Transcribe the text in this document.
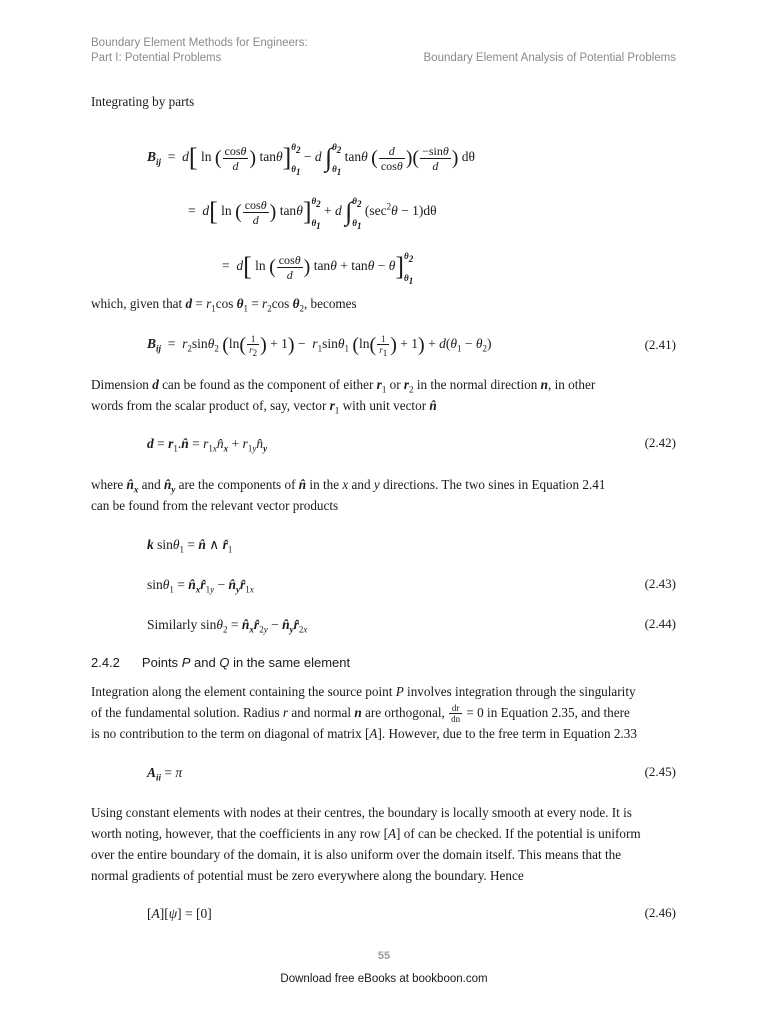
Boundary Element Methods for Engineers:
Part I: Potential Problems	Boundary Element Analysis of Potential Problems
Integrating by parts
$B_{ij} = d$[ ln ( $\frac{\cos\theta}{d}$ ) tanθ] $\theta_2$
$\theta_1$
− d ∫ $\theta_2$
$\theta_1$
tanθ ( $\frac{d}{\cos\theta}$ )( $\frac{-\sin\theta}{d}$ ) dθ
=  d[ ln ( $\frac{\cos\theta}{d}$ ) tanθ] $\theta_2$
$\theta_1$
+ d ∫ $\theta_2$
$\theta_1$
$(\sec^2\theta - 1)d\theta$
=  d[ ln ( $\frac{\cos\theta}{d}$ ) tanθ + tanθ − θ] $\theta_2$
$\theta_1$
which, given that $d = r_1\cos$ $\theta_1 = r_2\cos$ $\theta_2$, becomes
$B_{ij} = r_2\sin\theta_2$ ($\ln( \frac{1}{r_2}$ ) + $1) - r_1\sin\theta_1$ ($\ln( \frac{1}{r_1}$ ) + $1) + d(\theta_1 - \theta_2)$	(2.41)
Dimension d can be found as the component of either $r_1$ or $r_2$ in the normal direction n, in other
words from the scalar product of, say, vector $r_1$ with unit vector n̂
$d = r_1.n̂$ = $r_{1x}n̂_x$ + $r_{1y}n̂_y$	(2.42)
where $n̂_x$ and $n̂_y$ are the components of n̂ in the x and y directions. The two sines in Equation 2.41
can be found from the relevant vector products
k sinθ$_1$ = n̂ ∧ $r̂_1$
$\sin\theta_1 = n̂_xr̂_{1y}$ − $n̂_yr̂_{1x}$	(2.43)
Similarly $\sin\theta_2 = n̂_xr̂_{2y}$ − $n̂_yr̂_{2x}$	(2.44)
2.4.2 Points P and Q in the same element
Integration along the element containing the source point P involves integration through the singularity
of the fundamental solution. Radius r and normal n are orthogonal, $\frac{dr}{dn} = 0$ in Equation 2.35, and there
is no contribution to the term on diagonal of matrix [A]. However, due to the free term in Equation 2.33
$A_{ii} = \pi$	(2.45)
Using constant elements with nodes at their centres, the boundary is locally smooth at every node. It is
worth noting, however, that the coefficients in any row [A] of can be checked. If the potential is uniform
over the entire boundary of the domain, it is also uniform over the domain itself. This means that the
normal gradients of potential must be zero everywhere along the boundary. Hence
[A][ψ] = [0]	(2.46)
55
Download free eBooks at bookboon.com
